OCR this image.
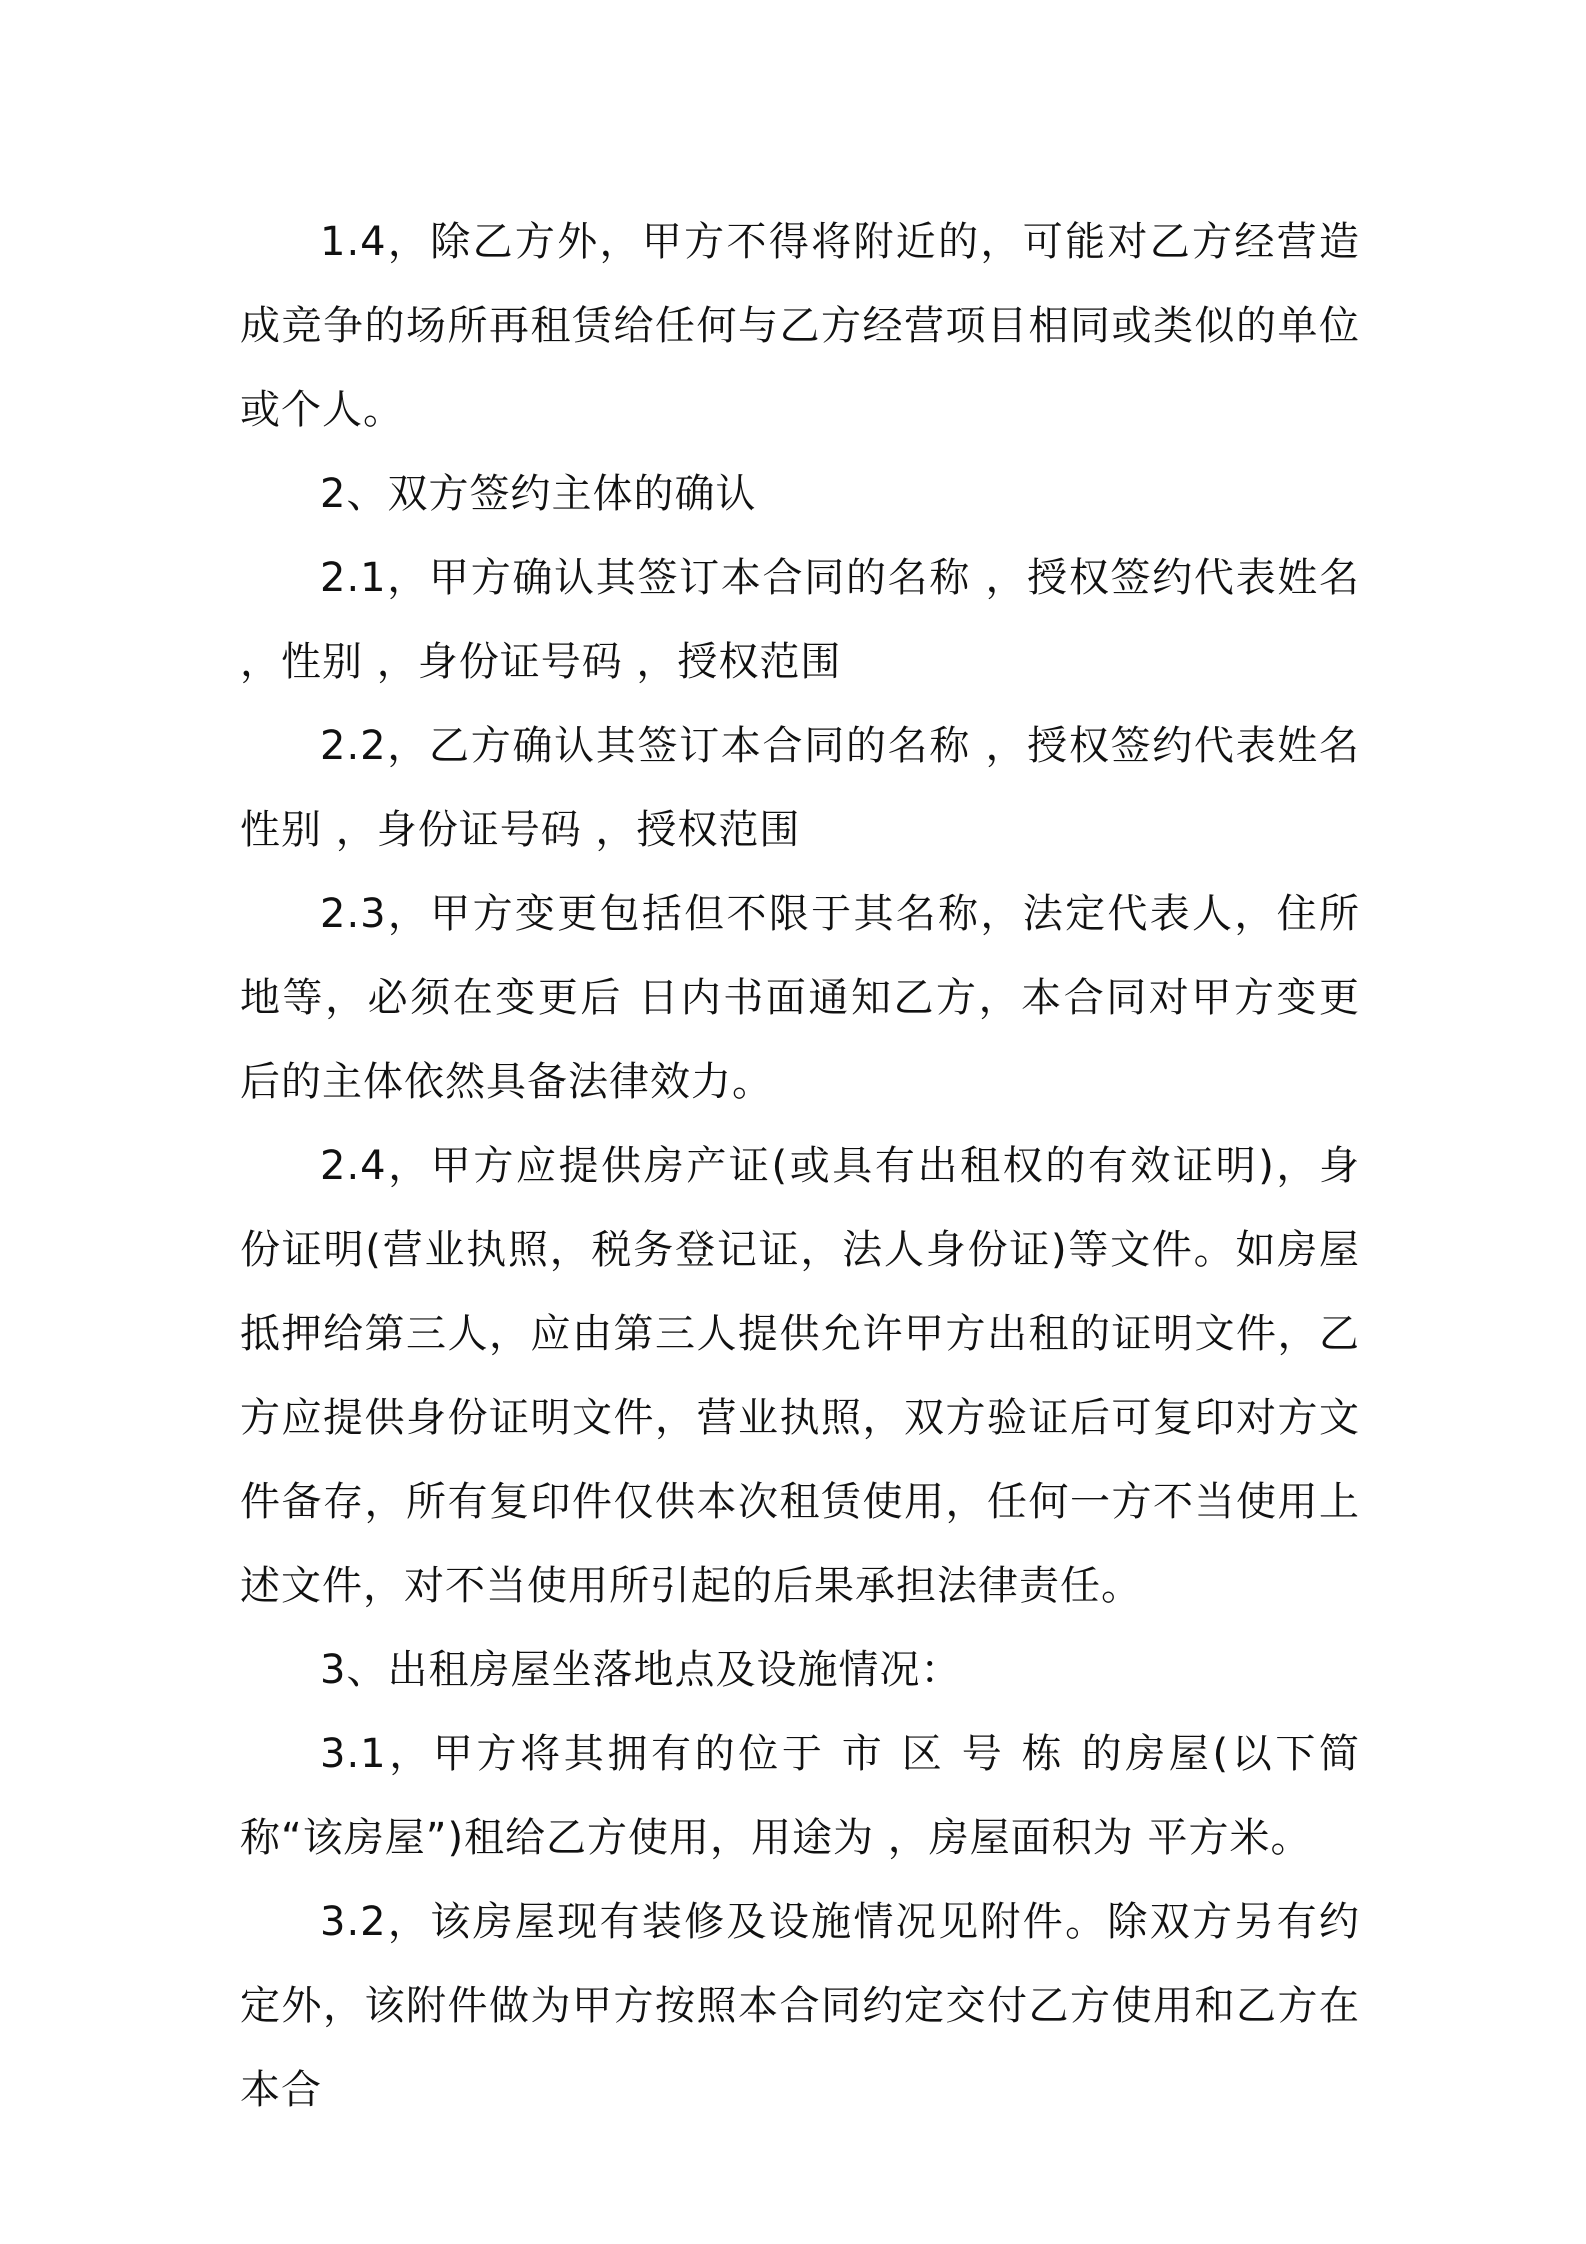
1.4，除乙方外，甲方不得将附近的，可能对乙方经营造成竞争的场所再租赁给任何与乙方经营项目相同或类似的单位或个人。

2、双方签约主体的确认

2.1，甲方确认其签订本合同的名称 ，授权签约代表姓名 ，性别 ，身份证号码 ，授权范围

2.2，乙方确认其签订本合同的名称 ，授权签约代表姓名 性别 ，身份证号码 ，授权范围

2.3，甲方变更包括但不限于其名称，法定代表人，住所地等，必须在变更后 日内书面通知乙方，本合同对甲方变更后的主体依然具备法律效力。

2.4，甲方应提供房产证(或具有出租权的有效证明)，身份证明(营业执照，税务登记证，法人身份证)等文件。如房屋抵押给第三人，应由第三人提供允许甲方出租的证明文件，乙方应提供身份证明文件，营业执照，双方验证后可复印对方文件备存，所有复印件仅供本次租赁使用，任何一方不当使用上述文件，对不当使用所引起的后果承担法律责任。

3、出租房屋坐落地点及设施情况：

3.1，甲方将其拥有的位于 市 区 号 栋 的房屋(以下简称“该房屋”)租给乙方使用，用途为 ，房屋面积为 平方米。

3.2，该房屋现有装修及设施情况见附件。除双方另有约定外，该附件做为甲方按照本合同约定交付乙方使用和乙方在本合
